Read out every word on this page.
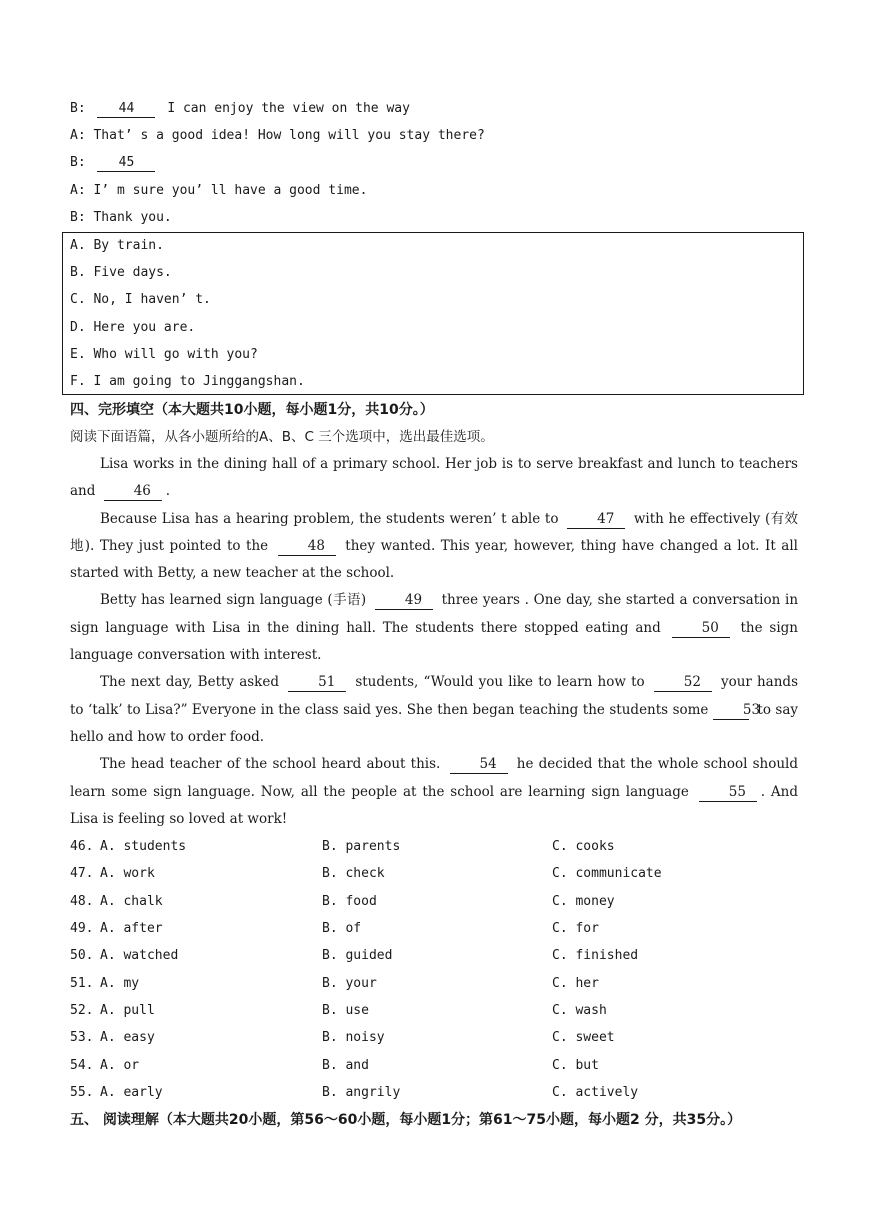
B:	44	I can enjoy the view on the way
A: That’ s a good idea! How long will you stay there?
B:	45
A: I’ m sure you’ ll have a good time.
B: Thank you.
A. By train.
B. Five days.
C. No, I haven’ t.
D. Here you are.
E. Who will go with you?
F. I am going to Jinggangshan.
四、完形填空（本大题共10小题，每小题1分，共10分。）
阅读下面语篇，从各小题所给的A、B、C 三个选项中，选出最佳选项。

Lisa works in the dining hall of a primary school. Her job is to serve breakfast and lunch to teachers and	46 .

Because Lisa has a hearing problem, the students weren’ t able to	47 with he effectively (有效地). They just pointed to the	48 they wanted. This year, however, thing have changed a lot. It all started with Betty, a new teacher at the school.

Betty has learned sign language (手语)	49 three years . One day, she started a conversation in sign language with Lisa in the dining hall. The students there stopped eating and	50 the sign language conversation with interest.

The next day, Betty asked	51 students, “Would you like to learn how to	52 your hands to ‘talk’ to Lisa?” Everyone in the class said yes. She then began teaching the students some	53 to say hello and how to order food.

The head teacher of the school heard about this.	54 he decided that the whole school should learn some sign language. Now, all the people at the school are learning sign language	55 . And Lisa is feeling so loved at work!

46. A. students	B. parents	C. cooks
47. A. work	B. check	C. communicate
48. A. chalk	B. food	C. money
49. A. after	B. of	C. for
50. A. watched	B. guided	C. finished
51. A. my	B. your	C. her
52. A. pull	B. use	C. wash
53. A. easy	B. noisy	C. sweet
54. A. or	B. and	C. but
55. A. early	B. angrily	C. actively
五、 阅读理解（本大题共20小题，第56～60小题，每小题1分；第61～75小题，每小题2 分，共35分。）
